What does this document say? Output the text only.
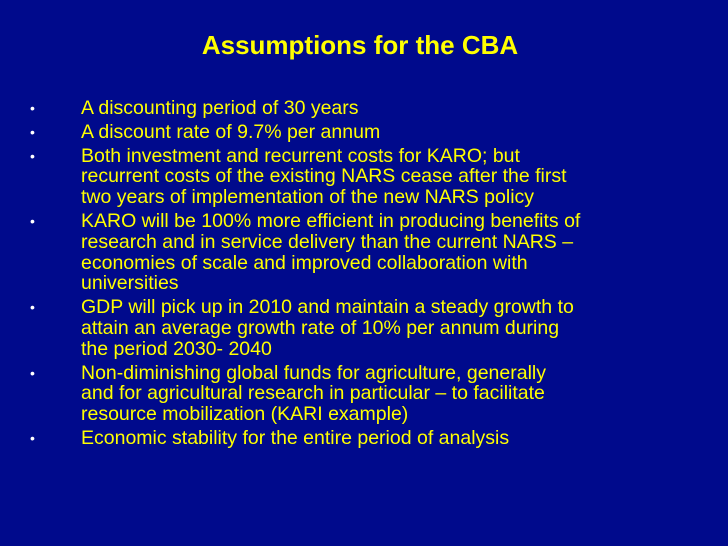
Assumptions for the CBA
•	A discounting period of 30 years
•	A discount rate of 9.7% per annum
•	Both investment and recurrent costs for KARO; but
recurrent costs of the existing NARS cease after the first
two years of implementation of the new NARS policy
•	KARO will be 100% more efficient in producing benefits of
research and in service delivery than the current NARS –
economies of scale and improved collaboration with
universities
•	GDP will pick up in 2010 and maintain a steady growth to
attain an average growth rate of 10% per annum during
the period 2030- 2040
•	Non-diminishing global funds for agriculture, generally
and for agricultural research in particular – to facilitate
resource mobilization (KARI example)
•	Economic stability for the entire period of analysis
